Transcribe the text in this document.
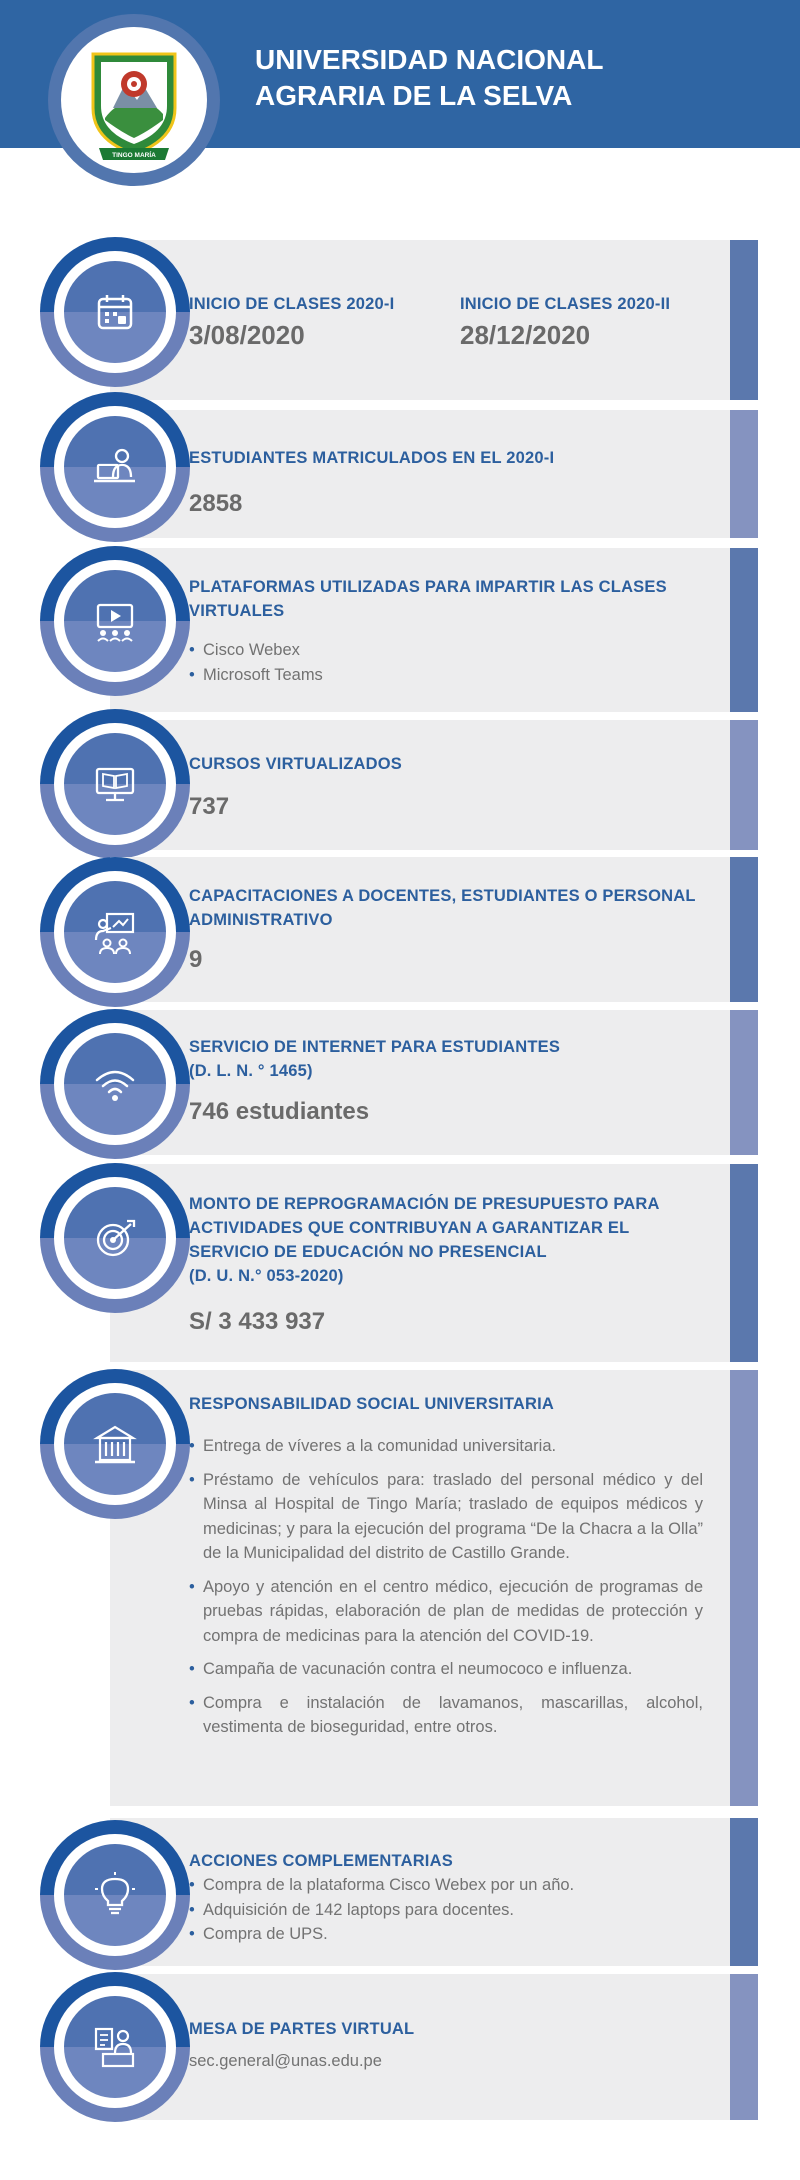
TINGO MARÍA
UNIVERSIDAD NACIONAL
AGRARIA DE LA SELVA
INICIO DE CLASES 2020-I
3/08/2020
INICIO DE CLASES 2020-II
28/12/2020
ESTUDIANTES MATRICULADOS EN EL 2020-I
2858
PLATAFORMAS UTILIZADAS PARA IMPARTIR LAS CLASES
VIRTUALES
• Cisco Webex
• Microsoft Teams
CURSOS VIRTUALIZADOS
737
CAPACITACIONES A DOCENTES, ESTUDIANTES O PERSONAL
ADMINISTRATIVO
9
SERVICIO DE INTERNET PARA ESTUDIANTES
(D. L. N. ° 1465)
746 estudiantes
MONTO DE REPROGRAMACIÓN DE PRESUPUESTO PARA
ACTIVIDADES QUE CONTRIBUYAN A GARANTIZAR EL
SERVICIO DE EDUCACIÓN NO PRESENCIAL
(D. U. N.° 053-2020)
S/ 3 433 937
RESPONSABILIDAD SOCIAL UNIVERSITARIA
• Entrega de víveres a la comunidad universitaria.
• Préstamo de vehículos para: traslado del personal médico y del Minsa al Hospital de Tingo María; traslado de equipos médicos y medicinas; y para la ejecución del programa “De la Chacra a la Olla” de la Municipalidad del distrito de Castillo Grande.
• Apoyo y atención en el centro médico, ejecución de programas de pruebas rápidas, elaboración de plan de medidas de protección y compra de medicinas para la atención del COVID-19.
• Campaña de vacunación contra el neumococo e influenza.
• Compra e instalación de lavamanos, mascarillas, alcohol, vestimenta de bioseguridad, entre otros.
ACCIONES COMPLEMENTARIAS
• Compra de la plataforma Cisco Webex por un año.
• Adquisición de 142 laptops para docentes.
• Compra de UPS.
MESA DE PARTES VIRTUAL
sec.general@unas.edu.pe
